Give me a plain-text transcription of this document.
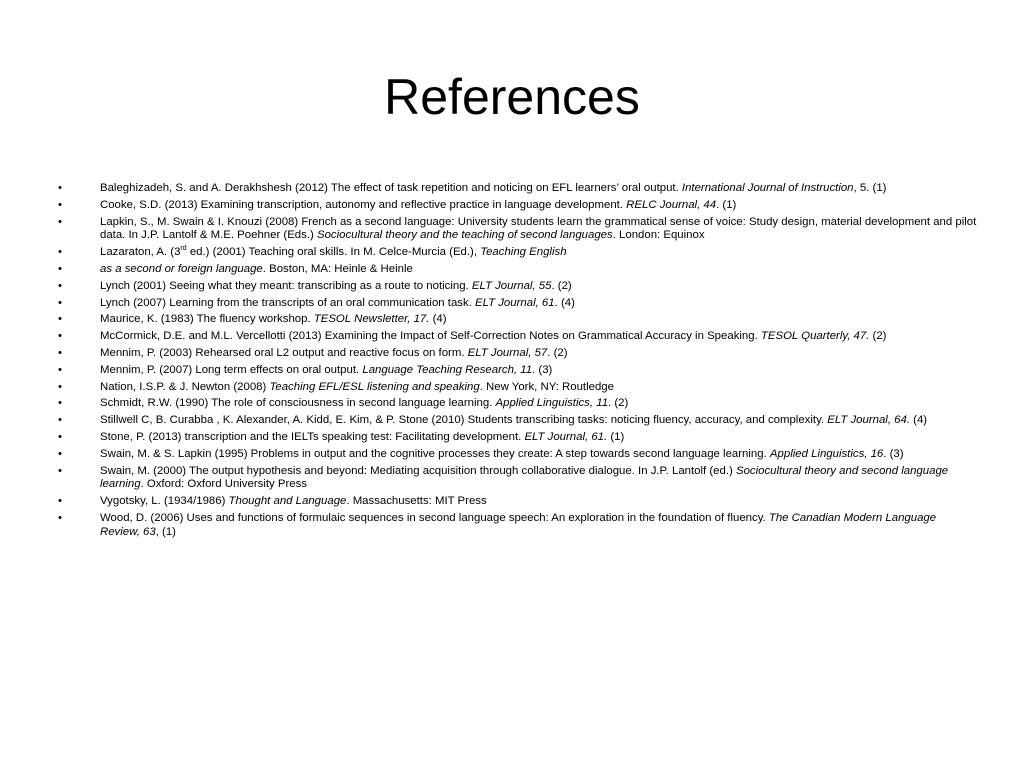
References
•	Baleghizadeh, S. and A. Derakhshesh (2012) The effect of task repetition and noticing on EFL learners’ oral output. International Journal of Instruction, 5. (1)
•	Cooke, S.D. (2013) Examining transcription, autonomy and reflective practice in language development. RELC Journal, 44. (1)
•	Lapkin, S., M. Swain & I. Knouzi (2008) French as a second language: University students learn the grammatical sense of voice: Study design, material development and pilot data. In J.P. Lantolf & M.E. Poehner (Eds.) Sociocultural theory and the teaching of second languages. London: Equinox
•	Lazaraton, A. (3rd ed.) (2001) Teaching oral skills. In M. Celce-Murcia (Ed.), Teaching English
•	as a second or foreign language. Boston, MA: Heinle & Heinle
•	Lynch (2001) Seeing what they meant: transcribing as a route to noticing. ELT Journal, 55. (2)
•	Lynch (2007) Learning from the transcripts of an oral communication task. ELT Journal, 61. (4)
•	Maurice, K. (1983) The fluency workshop. TESOL Newsletter, 17. (4)
•	McCormick, D.E. and M.L. Vercellotti (2013) Examining the Impact of Self-Correction Notes on Grammatical Accuracy in Speaking. TESOL Quarterly, 47. (2)
•	Mennim, P. (2003) Rehearsed oral L2 output and reactive focus on form. ELT Journal, 57. (2)
•	Mennim, P. (2007) Long term effects on oral output. Language Teaching Research, 11. (3)
•	Nation, I.S.P. & J. Newton (2008) Teaching EFL/ESL listening and speaking. New York, NY: Routledge
•	Schmidt, R.W. (1990) The role of consciousness in second language learning. Applied Linguistics, 11. (2)
•	Stillwell C, B. Curabba , K. Alexander, A. Kidd, E. Kim, & P. Stone (2010) Students transcribing tasks: noticing fluency, accuracy, and complexity. ELT Journal, 64. (4)
•	Stone, P. (2013) transcription and the IELTs speaking test: Facilitating development. ELT Journal, 61. (1)
•	Swain, M. & S. Lapkin (1995) Problems in output and the cognitive processes they create: A step towards second language learning. Applied Linguistics, 16. (3)
•	Swain, M. (2000) The output hypothesis and beyond: Mediating acquisition through collaborative dialogue. In J.P. Lantolf (ed.) Sociocultural theory and second language learning. Oxford: Oxford University Press
•	Vygotsky, L. (1934/1986) Thought and Language. Massachusetts: MIT Press
•	Wood, D. (2006) Uses and functions of formulaic sequences in second language speech: An exploration in the foundation of fluency. The Canadian Modern Language Review, 63, (1)
